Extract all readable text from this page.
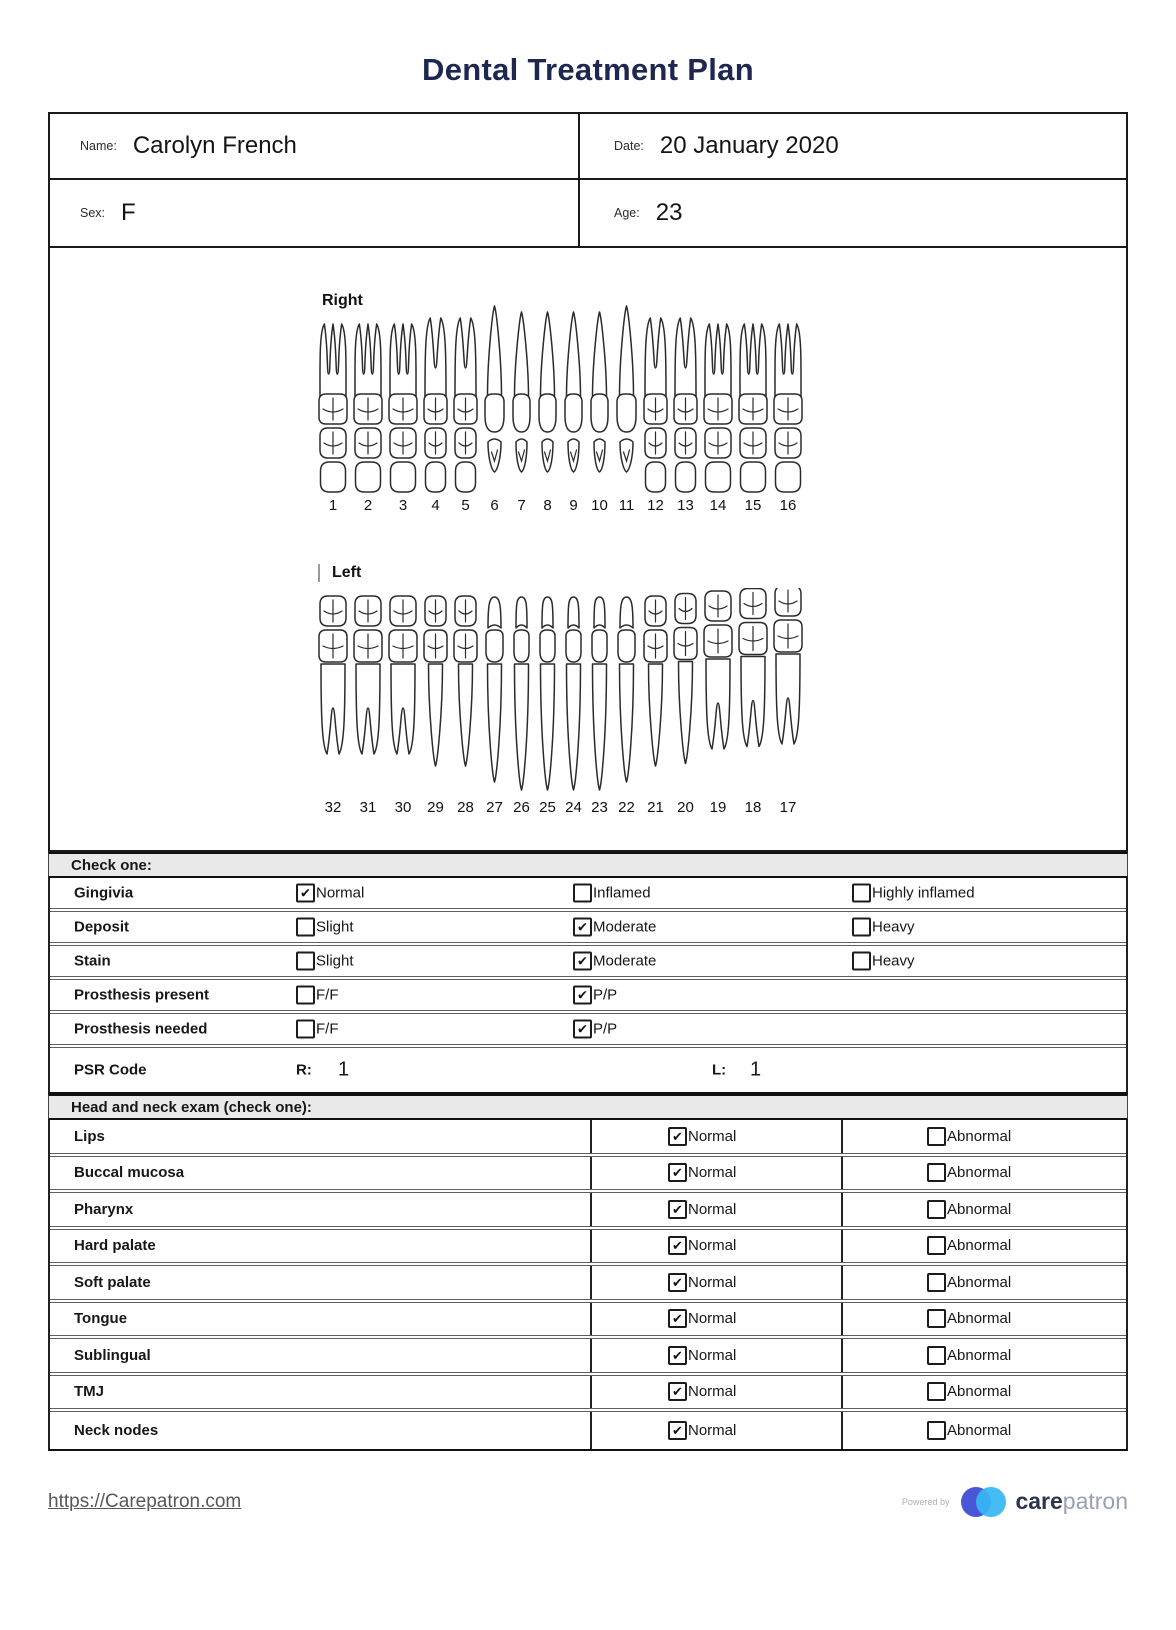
Dental Treatment Plan
Name: Carolyn French	Date: 20 January 2020
Sex: F	Age: 23
Right
1 2 3 4 5 6 7 8 9 10 11 12 13 14 15 16
Left
32 31 30 29 28 27 26 25 24 23 22 21 20 19 18 17
Check one:
Gingivia	✔ Normal	Inflamed	Highly inflamed
Deposit	Slight	✔ Moderate	Heavy
Stain	Slight	✔ Moderate	Heavy
Prosthesis present	F/F	✔ P/P
Prosthesis needed	F/F	✔ P/P
PSR Code	R: 1	L: 1
Head and neck exam (check one):
Lips	✔ Normal	Abnormal
Buccal mucosa	✔ Normal	Abnormal
Pharynx	✔ Normal	Abnormal
Hard palate	✔ Normal	Abnormal
Soft palate	✔ Normal	Abnormal
Tongue	✔ Normal	Abnormal
Sublingual	✔ Normal	Abnormal
TMJ	✔ Normal	Abnormal
Neck nodes	✔ Normal	Abnormal
https://Carepatron.com	Powered by	carepatron
